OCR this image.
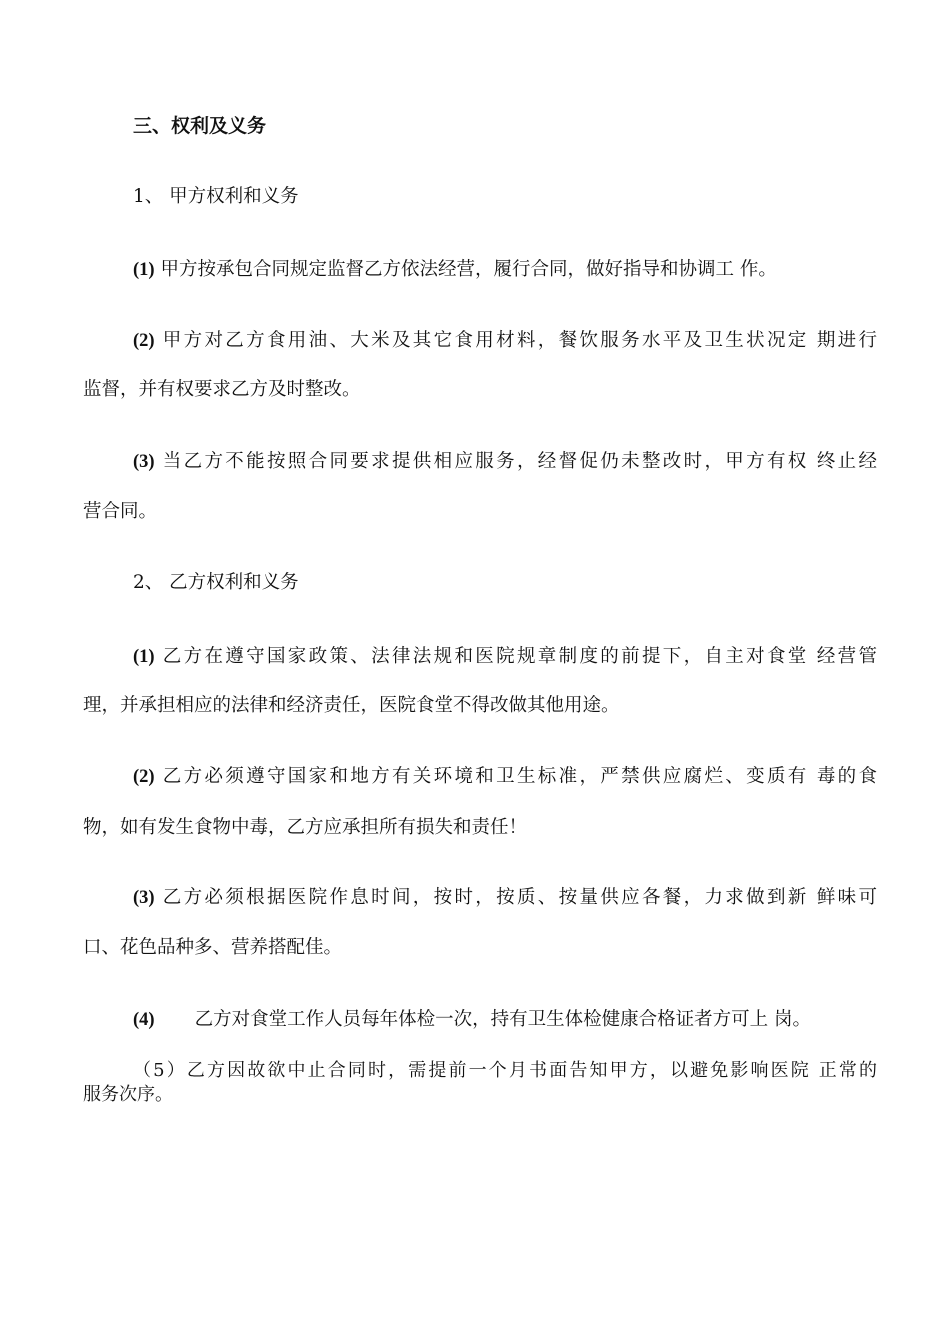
三、权利及义务
1、 甲方权利和义务
(1) 甲方按承包合同规定监督乙方依法经营，履行合同，做好指导和协调工 作。
(2) 甲方对乙方食用油、大米及其它食用材料，餐饮服务水平及卫生状况定 期进行
监督，并有权要求乙方及时整改。
(3) 当乙方不能按照合同要求提供相应服务，经督促仍未整改时，甲方有权 终止经
营合同。
2、 乙方权利和义务
(1) 乙方在遵守国家政策、法律法规和医院规章制度的前提下，自主对食堂 经营管
理，并承担相应的法律和经济责任，医院食堂不得改做其他用途。
(2) 乙方必须遵守国家和地方有关环境和卫生标准，严禁供应腐烂、变质有 毒的食
物，如有发生食物中毒，乙方应承担所有损失和责任！
(3) 乙方必须根据医院作息时间，按时，按质、按量供应各餐，力求做到新 鲜味可
口、花色品种多、营养搭配佳。
(4) 乙方对食堂工作人员每年体检一次，持有卫生体检健康合格证者方可上 岗。
（5）乙方因故欲中止合同时，需提前一个月书面告知甲方，以避免影响医院 正常的
服务次序。
